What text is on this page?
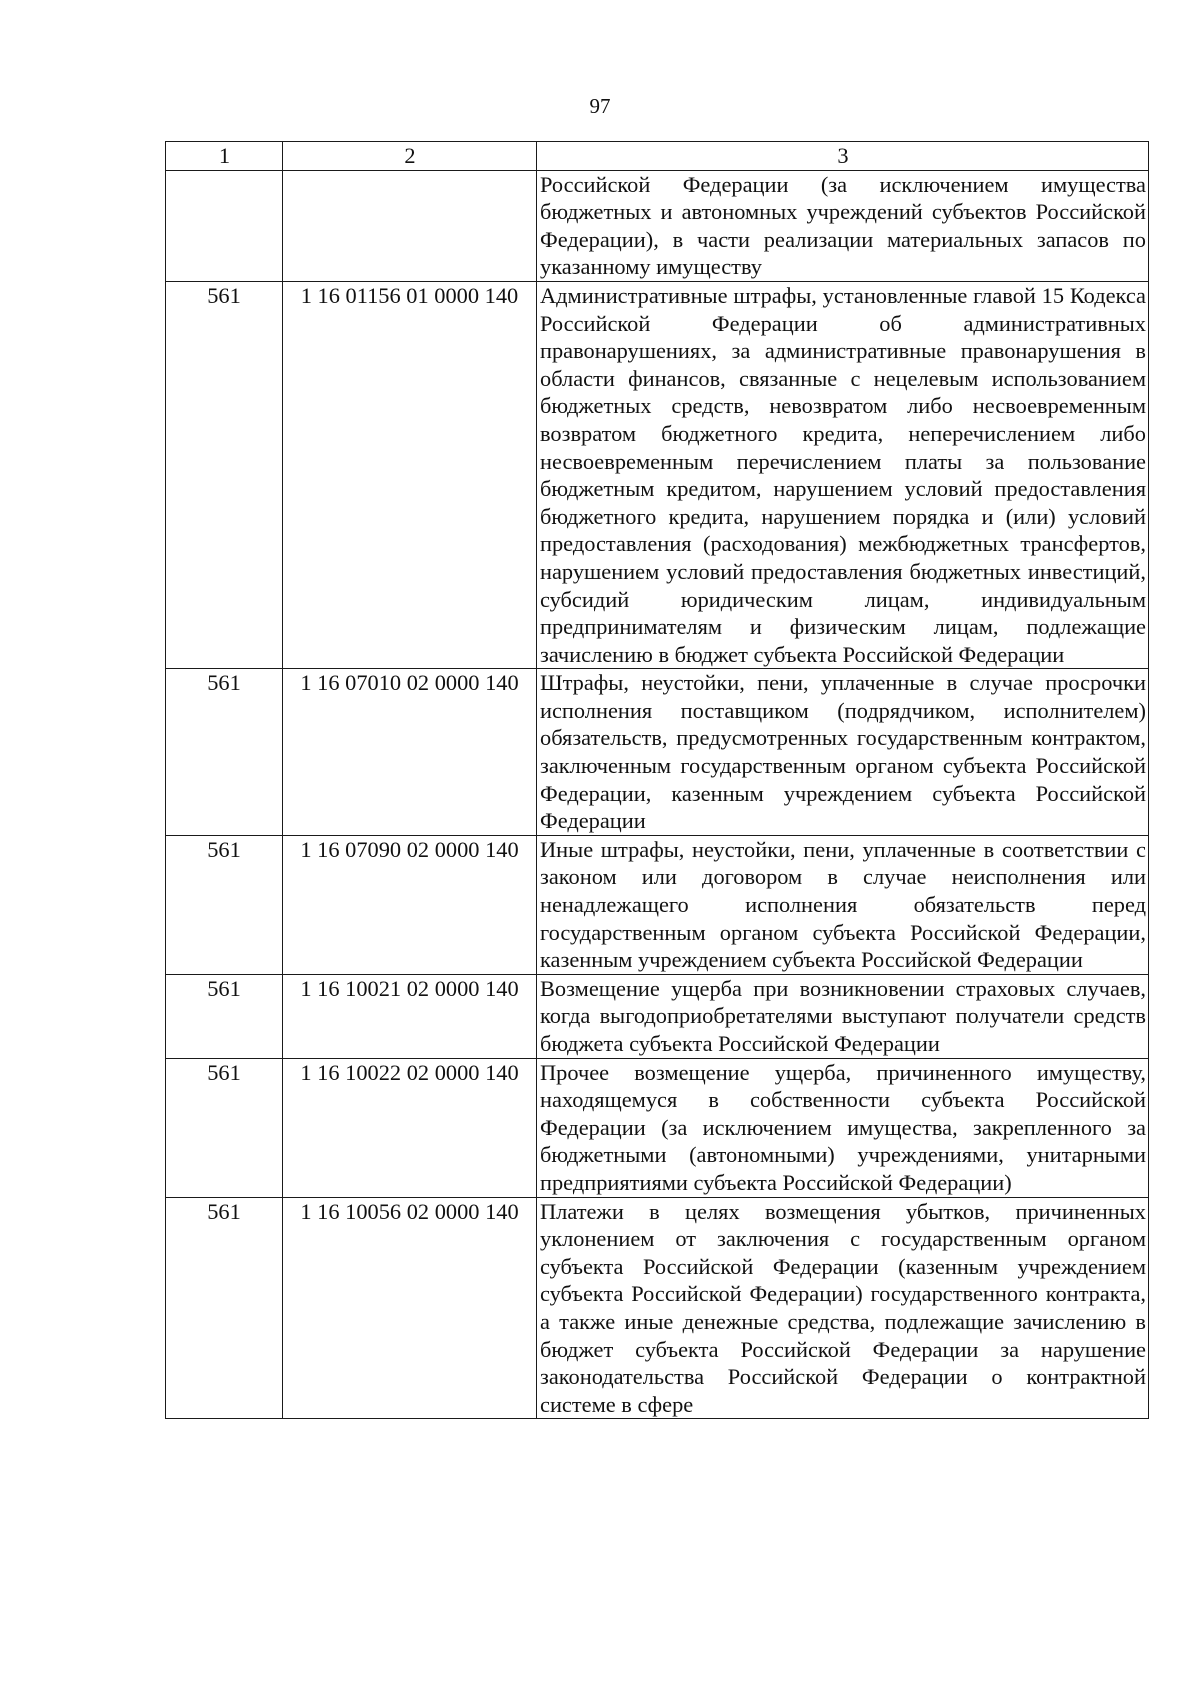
97
1	2	3
		Российской Федерации (за исключением имущества бюджетных и автономных учреждений субъектов Российской Федерации), в части реализации материальных запасов по указанному имуществу
561	1 16 01156 01 0000 140	Административные штрафы, установленные главой 15 Кодекса Российской Федерации об административных правонарушениях, за административные правонарушения в области финансов, связанные с нецелевым использованием бюджетных средств, невозвратом либо несвоевременным возвратом бюджетного кредита, неперечислением либо несвоевременным перечислением платы за пользование бюджетным кредитом, нарушением условий предоставления бюджетного кредита, нарушением порядка и (или) условий предоставления (расходования) межбюджетных трансфертов, нарушением условий предоставления бюджетных инвестиций, субсидий юридическим лицам, индивидуальным предпринимателям и физическим лицам, подлежащие зачислению в бюджет субъекта Российской Федерации
561	1 16 07010 02 0000 140	Штрафы, неустойки, пени, уплаченные в случае просрочки исполнения поставщиком (подрядчиком, исполнителем) обязательств, предусмотренных государственным контрактом, заключенным государственным органом субъекта Российской Федерации, казенным учреждением субъекта Российской Федерации
561	1 16 07090 02 0000 140	Иные штрафы, неустойки, пени, уплаченные в соответствии с законом или договором в случае неисполнения или ненадлежащего исполнения обязательств перед государственным органом субъекта Российской Федерации, казенным учреждением субъекта Российской Федерации
561	1 16 10021 02 0000 140	Возмещение ущерба при возникновении страховых случаев, когда выгодоприобретателями выступают получатели средств бюджета субъекта Российской Федерации
561	1 16 10022 02 0000 140	Прочее возмещение ущерба, причиненного имуществу, находящемуся в собственности субъекта Российской Федерации (за исключением имущества, закрепленного за бюджетными (автономными) учреждениями, унитарными предприятиями субъекта Российской Федерации)
561	1 16 10056 02 0000 140	Платежи в целях возмещения убытков, причиненных уклонением от заключения с государственным органом субъекта Российской Федерации (казенным учреждением субъекта Российской Федерации) государственного контракта, а также иные денежные средства, подлежащие зачислению в бюджет субъекта Российской Федерации за нарушение законодательства Российской Федерации о контрактной системе в сфере
